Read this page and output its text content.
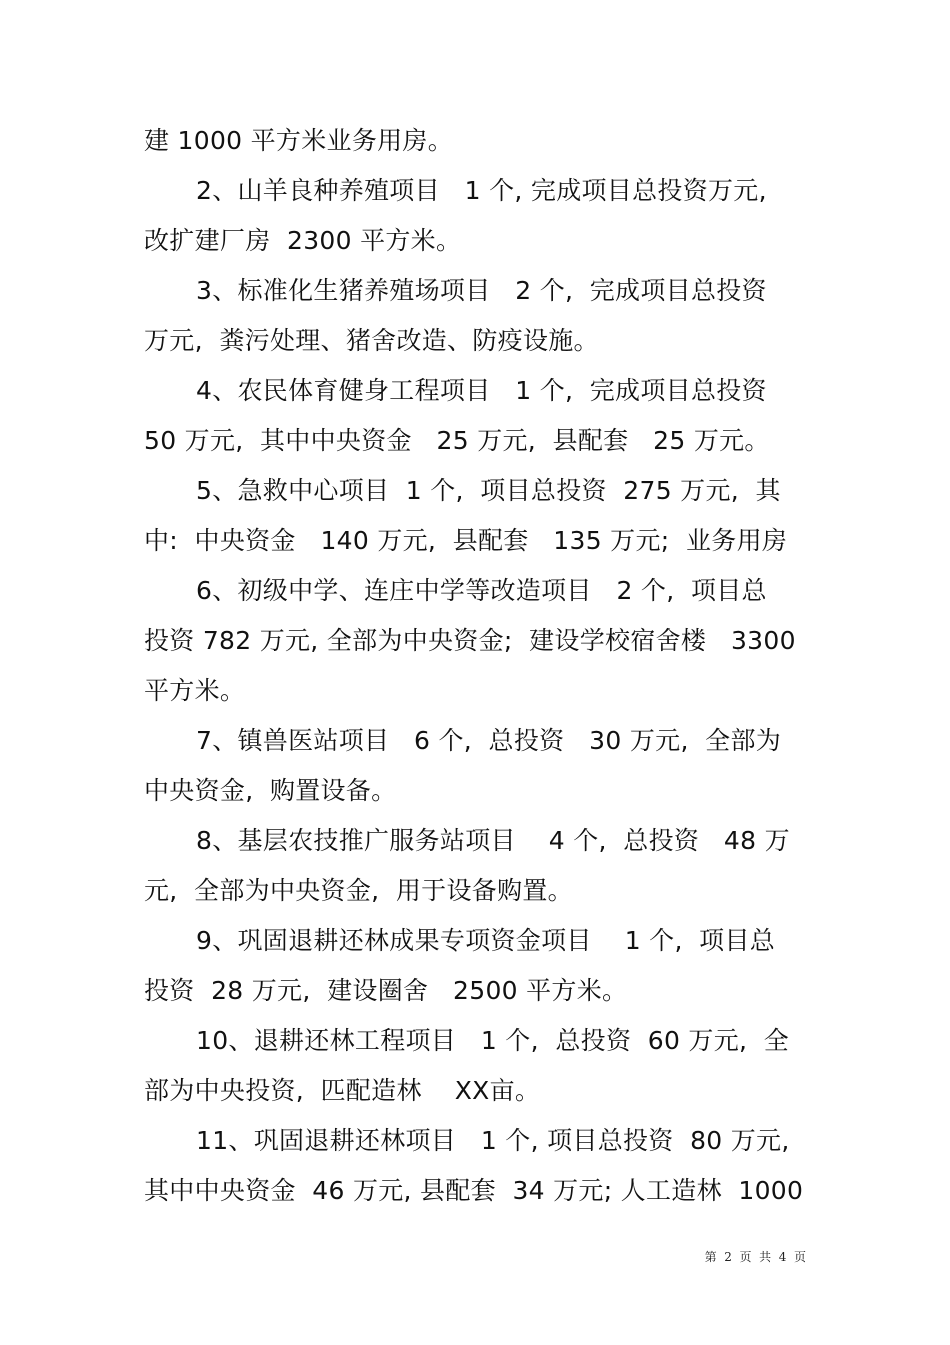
建 1000 平方米业务用房。
2、山羊良种养殖项目   1 个, 完成项目总投资万元,
改扩建厂房  2300 平方米。
3、标准化生猪养殖场项目   2 个,  完成项目总投资
万元,  粪污处理、猪舍改造、防疫设施。
4、农民体育健身工程项目   1 个,  完成项目总投资
50 万元,  其中中央资金   25 万元,  县配套   25 万元。
5、急救中心项目  1 个,  项目总投资  275 万元,  其
中:  中央资金   140 万元,  县配套   135 万元;  业务用房
6、初级中学、连庄中学等改造项目   2 个,  项目总
投资 782 万元, 全部为中央资金;  建设学校宿舍楼   3300
平方米。
7、镇兽医站项目   6 个,  总投资   30 万元,  全部为
中央资金,  购置设备。
8、基层农技推广服务站项目    4 个,  总投资   48 万
元,  全部为中央资金,  用于设备购置。
9、巩固退耕还林成果专项资金项目    1 个,  项目总
投资  28 万元,  建设圈舍   2500 平方米。
10、退耕还林工程项目   1 个,  总投资  60 万元,  全
部为中央投资,  匹配造林    XX亩。
11、巩固退耕还林项目   1 个, 项目总投资  80 万元,
其中中央资金  46 万元, 县配套  34 万元; 人工造林  1000
第  2  页  共  4  页
